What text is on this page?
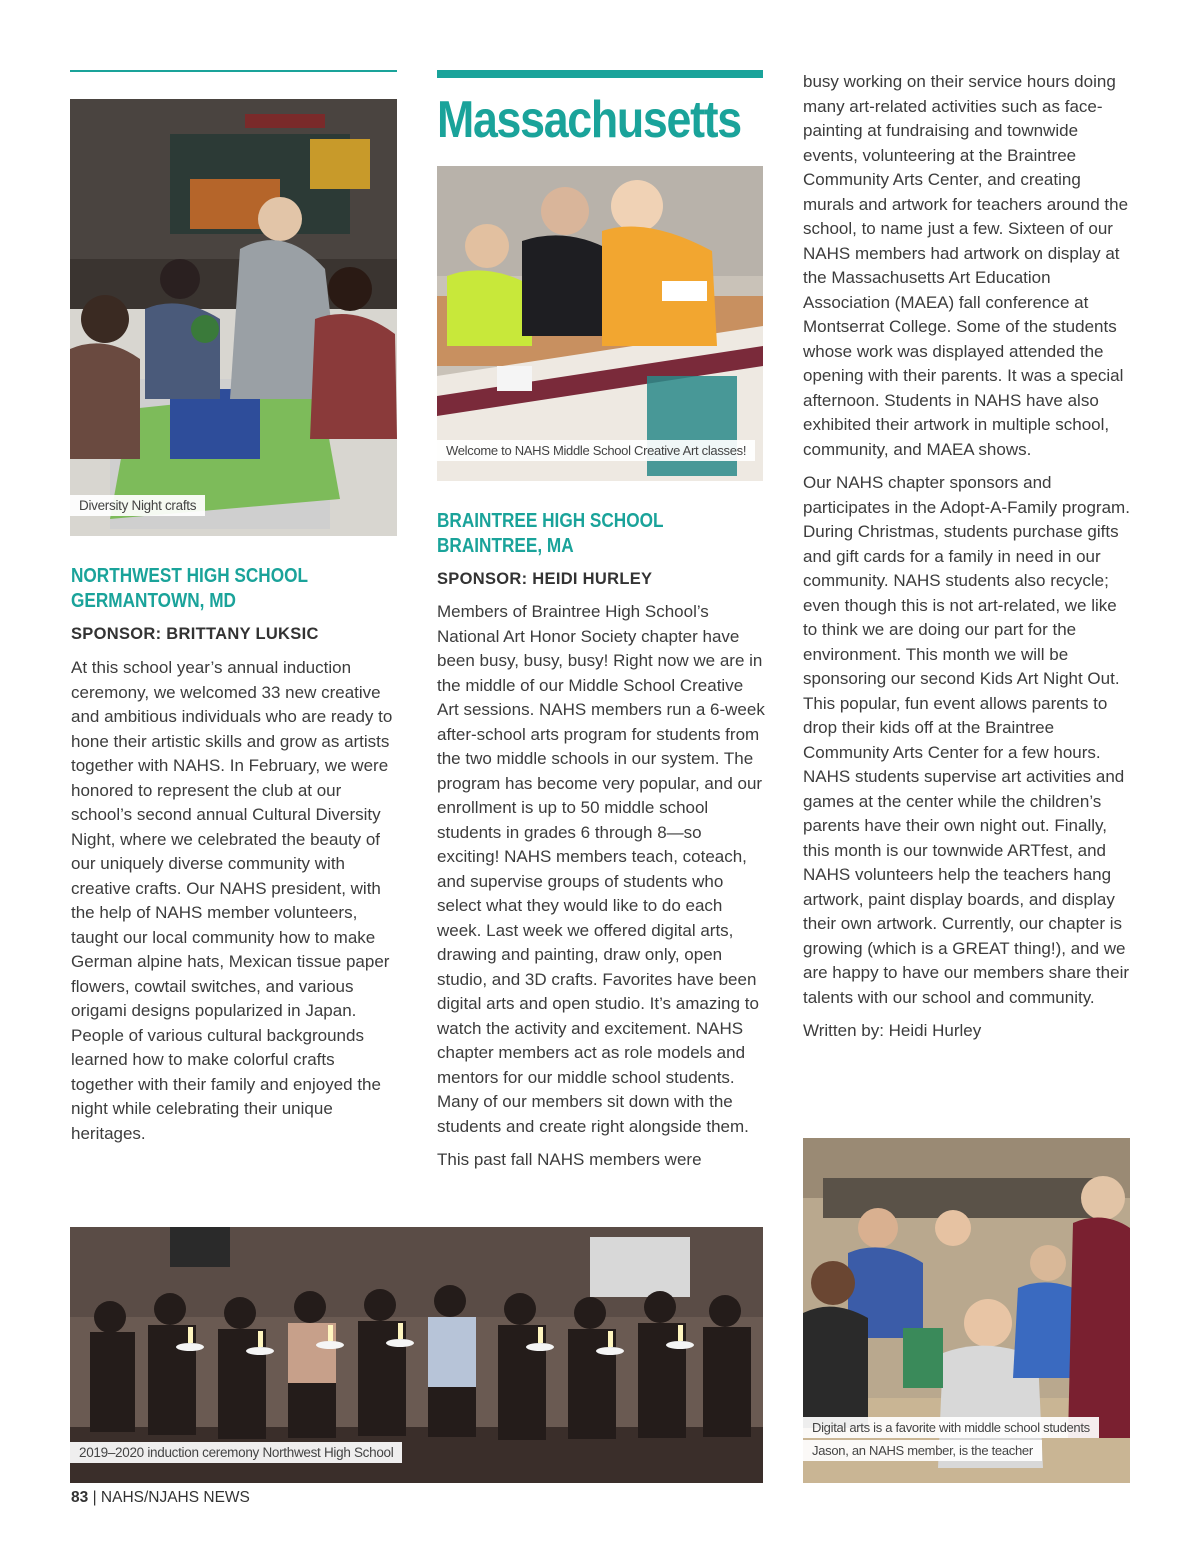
Diversity Night crafts
NORTHWEST HIGH SCHOOL
GERMANTOWN, MD
SPONSOR: BRITTANY LUKSIC

At this school year’s annual induction ceremony, we welcomed 33 new creative and ambitious individuals who are ready to hone their artistic skills and grow as artists together with NAHS. In February, we were honored to represent the club at our school’s second annual Cultural Diversity Night, where we celebrated the beauty of our uniquely diverse community with creative crafts. Our NAHS president, with the help of NAHS member volunteers, taught our local community how to make German alpine hats, Mexican tissue paper flowers, cowtail switches, and various origami designs popularized in Japan. People of various cultural backgrounds learned how to make colorful crafts together with their family and enjoyed the night while celebrating their unique heritages.

Massachusetts
Welcome to NAHS Middle School Creative Art classes!
BRAINTREE HIGH SCHOOL
BRAINTREE, MA
SPONSOR: HEIDI HURLEY

Members of Braintree High School’s National Art Honor Society chapter have been busy, busy, busy! Right now we are in the middle of our Middle School Creative Art sessions. NAHS members run a 6-week after-school arts program for students from the two middle schools in our system. The program has become very popular, and our enrollment is up to 50 middle school students in grades 6 through 8—so exciting! NAHS members teach, coteach, and supervise groups of students who select what they would like to do each week. Last week we offered digital arts, drawing and painting, draw only, open studio, and 3D crafts. Favorites have been digital arts and open studio. It’s amazing to watch the activity and excitement. NAHS chapter members act as role models and mentors for our middle school students. Many of our members sit down with the students and create right alongside them.

This past fall NAHS members were

busy working on their service hours doing many art-related activities such as face-painting at fundraising and townwide events, volunteering at the Braintree Community Arts Center, and creating murals and artwork for teachers around the school, to name just a few. Sixteen of our NAHS members had artwork on display at the Massachusetts Art Education Association (MAEA) fall conference at Montserrat College. Some of the students whose work was displayed attended the opening with their parents. It was a special afternoon. Students in NAHS have also exhibited their artwork in multiple school, community, and MAEA shows.

Our NAHS chapter sponsors and participates in the Adopt-A-Family program. During Christmas, students purchase gifts and gift cards for a family in need in our community. NAHS students also recycle; even though this is not art-related, we like to think we are doing our part for the environment. This month we will be sponsoring our second Kids Art Night Out. This popular, fun event allows parents to drop their kids off at the Braintree Community Arts Center for a few hours. NAHS students supervise art activities and games at the center while the children’s parents have their own night out. Finally, this month is our townwide ARTfest, and NAHS volunteers help the teachers hang artwork, paint display boards, and display their own artwork. Currently, our chapter is growing (which is a GREAT thing!), and we are happy to have our members share their talents with our school and community.

Written by: Heidi Hurley

Digital arts is a favorite with middle school students
Jason, an NAHS member, is the teacher
2019–2020 induction ceremony Northwest High School
83 | NAHS/NJAHS NEWS
